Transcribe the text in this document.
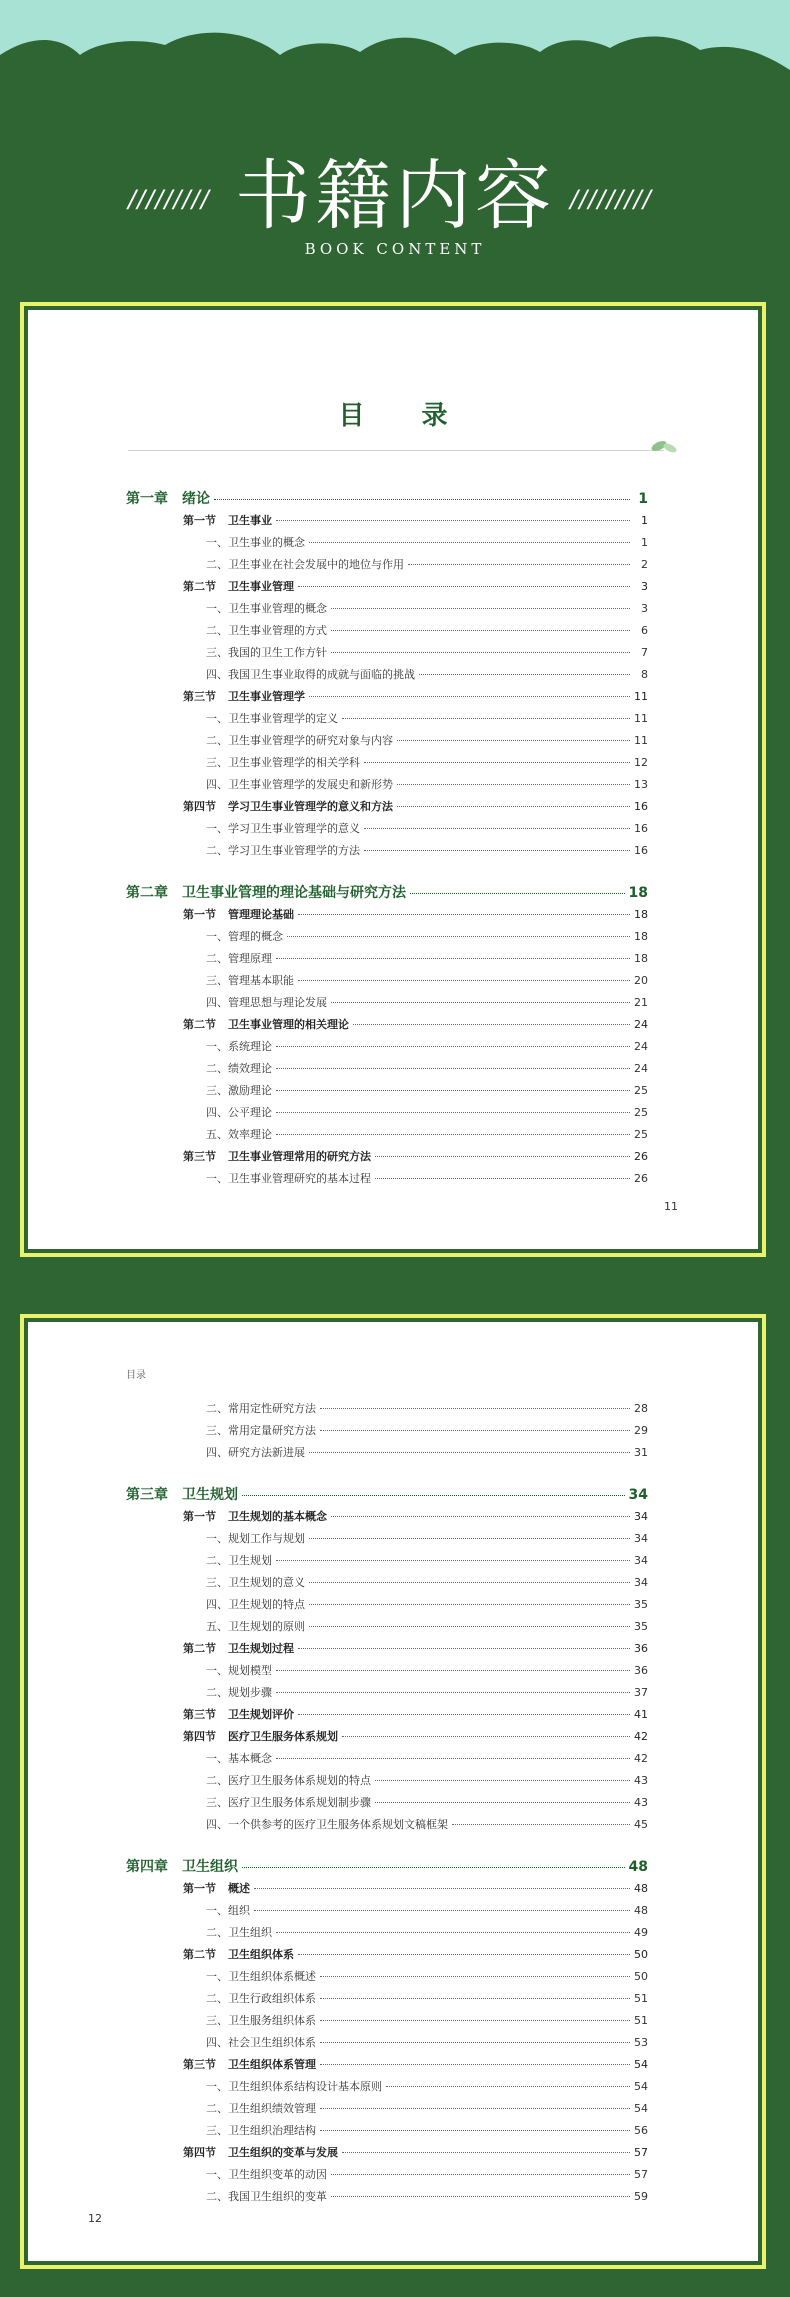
///////// 书籍内容 /////////
BOOK CONTENT
目 录
第一章 绪论	1
第一节 卫生事业	1
一、卫生事业的概念	1
二、卫生事业在社会发展中的地位与作用	2
第二节 卫生事业管理	3
一、卫生事业管理的概念	3
二、卫生事业管理的方式	6
三、我国的卫生工作方针	7
四、我国卫生事业取得的成就与面临的挑战	8
第三节 卫生事业管理学	11
一、卫生事业管理学的定义	11
二、卫生事业管理学的研究对象与内容	11
三、卫生事业管理学的相关学科	12
四、卫生事业管理学的发展史和新形势	13
第四节 学习卫生事业管理学的意义和方法	16
一、学习卫生事业管理学的意义	16
二、学习卫生事业管理学的方法	16
第二章 卫生事业管理的理论基础与研究方法	18
第一节 管理理论基础	18
一、管理的概念	18
二、管理原理	18
三、管理基本职能	20
四、管理思想与理论发展	21
第二节 卫生事业管理的相关理论	24
一、系统理论	24
二、绩效理论	24
三、激励理论	25
四、公平理论	25
五、效率理论	25
第三节 卫生事业管理常用的研究方法	26
一、卫生事业管理研究的基本过程	26
11
目录
二、常用定性研究方法	28
三、常用定量研究方法	29
四、研究方法新进展	31
第三章 卫生规划	34
第一节 卫生规划的基本概念	34
一、规划工作与规划	34
二、卫生规划	34
三、卫生规划的意义	34
四、卫生规划的特点	35
五、卫生规划的原则	35
第二节 卫生规划过程	36
一、规划模型	36
二、规划步骤	37
第三节 卫生规划评价	41
第四节 医疗卫生服务体系规划	42
一、基本概念	42
二、医疗卫生服务体系规划的特点	43
三、医疗卫生服务体系规划制步骤	43
四、一个供参考的医疗卫生服务体系规划文稿框架	45
第四章 卫生组织	48
第一节 概述	48
一、组织	48
二、卫生组织	49
第二节 卫生组织体系	50
一、卫生组织体系概述	50
二、卫生行政组织体系	51
三、卫生服务组织体系	51
四、社会卫生组织体系	53
第三节 卫生组织体系管理	54
一、卫生组织体系结构设计基本原则	54
二、卫生组织绩效管理	54
三、卫生组织治理结构	56
第四节 卫生组织的变革与发展	57
一、卫生组织变革的动因	57
二、我国卫生组织的变革	59
12
